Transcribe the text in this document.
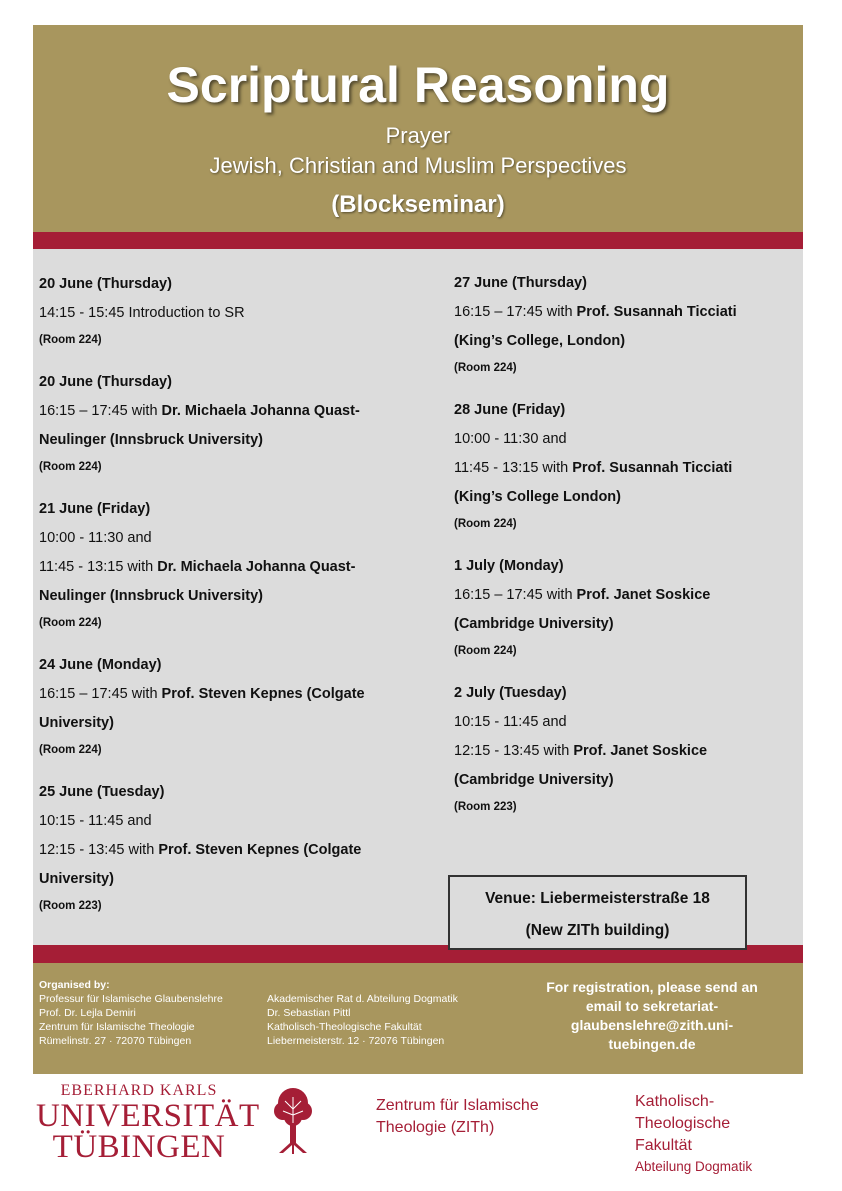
Scriptural Reasoning
Prayer
Jewish, Christian and Muslim Perspectives
(Blockseminar)
20 June (Thursday)
14:15 - 15:45 Introduction to SR
(Room 224)
20 June (Thursday)
16:15 – 17:45 with Dr. Michaela Johanna Quast-
Neulinger (Innsbruck University)
(Room 224)
21 June (Friday)
10:00 - 11:30 and
11:45 - 13:15 with Dr. Michaela Johanna Quast-
Neulinger (Innsbruck University)
(Room 224)
24 June (Monday)
16:15 – 17:45 with Prof. Steven Kepnes (Colgate
University)
(Room 224)
25 June (Tuesday)
10:15 - 11:45 and
12:15 - 13:45 with Prof. Steven Kepnes (Colgate
University)
(Room 223)
27 June (Thursday)
16:15 – 17:45 with Prof. Susannah Ticciati
(King’s College, London)
(Room 224)
28 June (Friday)
10:00 - 11:30 and
11:45 - 13:15 with Prof. Susannah Ticciati
(King’s College London)
(Room 224)
1 July (Monday)
16:15 – 17:45 with Prof. Janet Soskice
(Cambridge University)
(Room 224)
2 July (Tuesday)
10:15 - 11:45 and
12:15 - 13:45 with Prof. Janet Soskice
(Cambridge University)
(Room 223)
Venue: Liebermeisterstraße 18
(New ZITh building)
Organised by:
Professur für Islamische Glaubenslehre
Prof. Dr. Lejla Demiri
Zentrum für Islamische Theologie
Rümelinstr. 27 · 72070 Tübingen
Akademischer Rat d. Abteilung Dogmatik
Dr. Sebastian Pittl
Katholisch-Theologische Fakultät
Liebermeisterstr. 12 · 72076 Tübingen
For registration, please send an
email to sekretariat-
glaubenslehre@zith.uni-
tuebingen.de
EBERHARD KARLS
UNIVERSITÄT
TÜBINGEN
Zentrum für Islamische
Theologie (ZITh)
Katholisch-
Theologische
Fakultät
Abteilung Dogmatik
